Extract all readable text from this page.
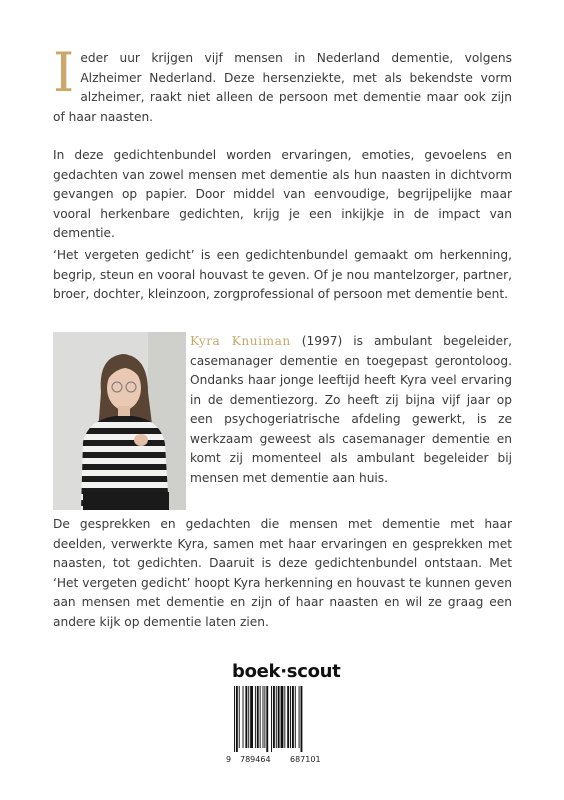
Ieder uur krijgen vijf mensen in Nederland dementie, volgens Alzheimer Nederland. Deze hersenziekte, met als bekendste vorm alzheimer, raakt niet alleen de persoon met dementie maar ook zijn of haar naasten.

In deze gedichtenbundel worden ervaringen, emoties, gevoelens en gedachten van zowel mensen met dementie als hun naasten in dichtvorm gevangen op papier. Door middel van eenvoudige, begrijpelijke maar vooral herkenbare gedichten, krijg je een inkijkje in de impact van dementie.

‘Het vergeten gedicht’ is een gedichtenbundel gemaakt om herkenning, begrip, steun en vooral houvast te geven. Of je nou mantelzorger, partner, broer, dochter, kleinzoon, zorgprofessional of persoon met dementie bent.

Kyra Knuiman (1997) is ambulant begeleider, casemanager dementie en toegepast gerontoloog. Ondanks haar jonge leeftijd heeft Kyra veel ervaring in de dementiezorg. Zo heeft zij bijna vijf jaar op een psychogeriatrische afdeling gewerkt, is ze werkzaam geweest als casemanager dementie en komt zij momenteel als ambulant begeleider bij mensen met dementie aan huis.

De gesprekken en gedachten die mensen met dementie met haar deelden, verwerkte Kyra, samen met haar ervaringen en gesprekken met naasten, tot gedichten. Daaruit is deze gedichtenbundel ontstaan. Met ‘Het vergeten gedicht’ hoopt Kyra herkenning en houvast te kunnen geven aan mensen met dementie en zijn of haar naasten en wil ze graag een andere kijk op dementie laten zien.

boek·scout
9 789464 687101
